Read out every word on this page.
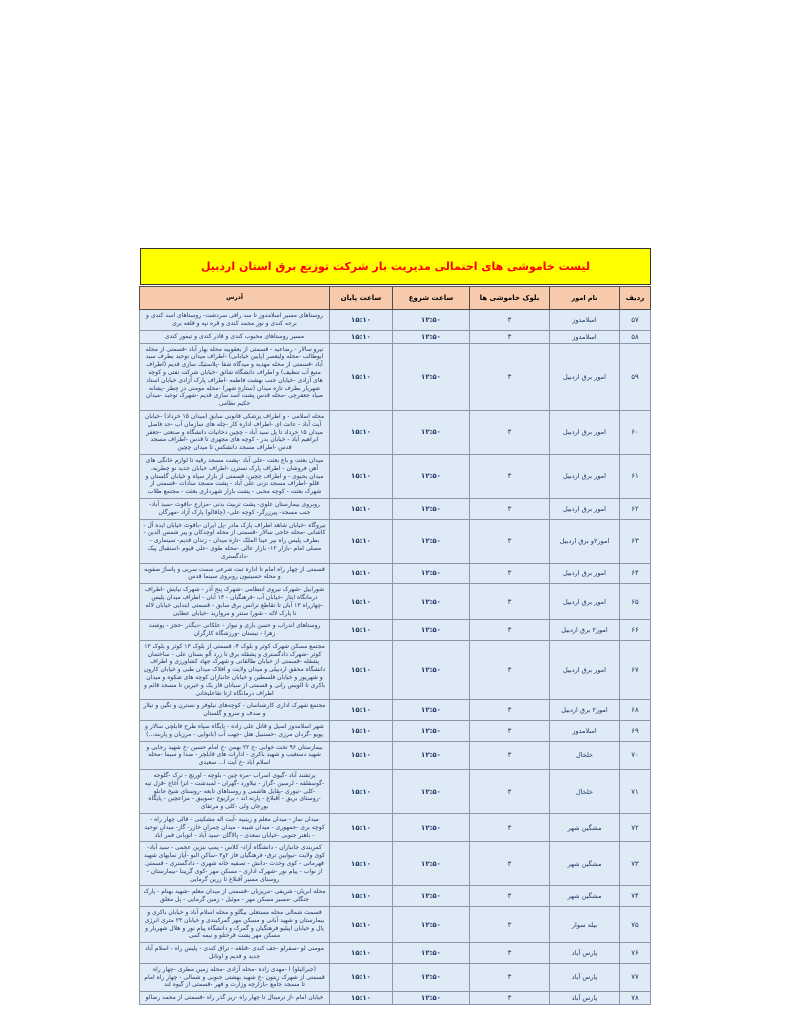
لیست خاموشی های احتمالی مدیریت بار شرکت توزیع برق استان اردبیل
ردیف	نام امور	بلوک خاموشی ها	ساعت شروع	ساعت پایان	آدرس
۵۷	اسلامدوز	۳	۱۲:۵۰	۱۵:۱۰	روستاهای مسیر اسلامدوز تا سد رافی سردشت- روستاهای اسد کندی و نرجه کندی و نور محمد کندی و قره تپه و قلعه بری
۵۸	اسلامدوز	۳	۱۲:۵۰	۱۵:۱۰	مسیر روستاهای محبوب کندی و قادر کندی و تیمور کندی
۵۹	امور برق اردبیل	۳	۱۲:۵۰	۱۵:۱۰	نیرو سالار - رضاعیه - قسمتی از یعقوبیه محله بهار آباد -قسمتی از محله ابوطالب -محله ولیعصر (پایین خیابانی) -اطراف میدان توحید بطرف سید آباد -قسمتی از محله مهدیه و میدگاه شفا -پلاستیک سازی قدیم (اطراف منبع آب تنظیف) و اطراف دانشگاه شائق -خیابان شرکت نفتی و کوچه های آزادی -خیابان جنب بهشت فاطمه -اطراف پارک آزادی خیابان استاد شهریار بطرف تازه میدان (ستاره شهر) -محله مومنی در چطر -پشانه صیاد جعفرچی -محله قدس پشت آسد سازی قدیم -شهرک توحید -میدان حکیم نظامی
۶۰	امور برق اردبیل	۳	۱۲:۵۰	۱۵:۱۰	محله اسلامی - و اطراف پزشکی قانونی سابق (میدان ۱۵ خرداد) -خیابان آیت آباد - عانت ای -اطراف اداره کار -چله های سازمان آب -حد فاصل میدان ۱۵ خرداد تا پل سید آباد - چچین دخانیات دانشگاه و صنعتی -جعفر ابراهیم آباد - خیابان بدر - کوچه های مجهزی تا قدس -اطراف مسجد قدس -اطراف مسجد دانشکس تا میدان چچین
۶۱	امور برق اردبیل	۳	۱۲:۵۰	۱۵:۱۰	میدان بعثت و باغ بعثت -علی آباد -پشت مسجد رقیه تا لوازم خانگی های آهن فروشان - اطراف پارک نسترن -اطراف خیابان جدید نو چطریه، میدان یحیوی - و اطراف چچین، قسمتی از بازار سپاه و خیابان گلستان و قللو -اطراف مسجد نزنی علی آباد - پشت مسجد سادات -قسمتی از شهرک بعثت - کوچه محبی - پشت بازار شهرداری بعثت - مجتمع طلاب
۶۲	امور برق اردبیل	۳	۱۲:۵۰	۱۵:۱۰	روبروی بیمارستان علوی- پشت تربیت بدنی -مزارع -باقوث -سید آباد- جنب مسجد- پیرزرگر- کوچه علی- (چاقالو) پارک آزاد -مهرگان
۶۳	امور۲و برق اردبیل	۳	۱۲:۵۰	۱۵:۱۰	نیروگاه -خیابان شاهد اطراف پارک مادر -پل ایران -باقوث خیابان ایده آل - کاشانی -محله حاجی سالار -قسمتی از محله اوچدکان و پیر شمس الدین - بطرف پلیس راه بپر عینا الملک -تازه میدان - زندان قدیم- سینماری - مصلی امام -بازار ۱۲- بازار عالی -محله طوی -علی قیوم -استقبال پیک -دادگستری
۶۴	امور برق اردبیل	۳	۱۲:۵۰	۱۵:۱۰	قسمتی از چهار راه امام تا اداره ثبت شرعی سمت سربی و پاساژ صفویه و محله حسینیون روبروی سینما قدس
۶۵	امور برق اردبیل	۳	۱۲:۵۰	۱۵:۱۰	شورابیل -شهرک نیروی انتظامی -شهرک پنج آذر - شهرک نیایش -اطراف درمانگاه ایثار -خیابان آب -فرهنگیان - ۱۳ آبان - اطراف میدان پلیس -چهارراه ۱۳ آبان تا تقاطع ترانس برق سابق - قسمتی ابتدایی خیابان لاله تا پارک لاله - شورا سنتر و مروارید -خیابان عطایی
۶۶	امور۲ برق اردبیل	۳	۱۲:۵۰	۱۵:۱۰	روستاهای اندراب و حسن باری و نیوار - علکانی -دیگذر -حجز - پوشت زهرا - نیستان -ورزشگاه کارگران
۶۷	امور برق اردبیل	۳	۱۲:۵۰	۱۵:۱۰	مجتمع مسکن شهرک کوثر و بلوک ۴- قسمتی از بلوک ۱۳ کوثر و بلوک ۱۳ کوثر -شهرک دادگستری و پشقله برق تا زرد آلو بستان علی - ساختمان پشقله -قسمتی از خیابان طالقانی و شهرک جهاد کشاورزی و اطراف دانشگاه محقق اردبیلی و میدان ولایت و افلاک میدان طبی و خیابان کارون و شهریور و خیابان فلسطین و خیابان جانبازان کوچه های شکوه و میدان باکری تا الویس رانی و قسمتی از سیانان قاز یک و خیرین تا مسجد قائم و اطراف درمانگاه ارتا تفاعلیخانی
۶۸	امور۲ برق اردبیل	۳	۱۲:۵۰	۱۵:۱۰	مجتمع شهرک اداری کارشناسان - کوچه‌های نیلوفر و نسترن و نگین و نیلار و صدف و سرو و گلستان
۶۹	اسلامدوز	۳	۱۲:۵۰	۱۵:۱۰	شهر اسلامدوز اصیل و قانل علی زاده - پایگاه سپاه طرح قابلچی سالار و پویو -گردان مرزی -حسنبیل هتل -جهب آب (نانوایی - مرزبان و پاربنه...)
۷۰	خلخال	۳	۱۲:۵۰	۱۵:۱۰	بیمارستان ۹۶ تخت خوابی -خ ۲۲ بهمن -خ امام حسین -خ شهید رجایی و شهید دستغیب و شهید باکری - ادارات های قابلچر - صدا و سیما -محله اسلام آباد -خ آیت ا... سعیدی
۷۱	خلخال	۳	۱۲:۵۰	۱۵:۱۰	پرتشند آباد -گیوی اسراب -مره چین - بلوچه - اورنچ - ترک -گلوجه -گوسفلقه - لرسین -گزاز - نیلاورد -گهران - لمبدشت - انزا آغاج -قزل تپه -کلی -تیوری -بقایل هاشمی و روستاهای تابعه -روستای شیخ جانلو -روستای بریق - آقبلاغ - پارنه اند - برازیوج -سوبیق - مزاعچین - پایگاه بورجان ولی -کلی و مرتفای
۷۲	مشگین شهر	۳	۱۲:۵۰	۱۵:۱۰	میدان نماز - میدان معلم و زینبیه -آیت اله مشکینی - قالی چهار راه - کوچه بری -جمهوری - میدان شیبه - میدان چمران خازر- گاز- میدان توحید - باهنر جنوبی -خیابان سعدی - پالاگان -سید آباد - اتوبانی قمر آباد
۷۳	مشگین شهر	۳	۱۲:۵۰	۱۵:۱۰	کمربندی جانبازان - دانشگاه آزاد- کلاس - پمپ بنزین عجمی - سید آباد- کوی ولایت -نیوایین ترق- فرهنگیان فاز ۲و۳ -ساکن البو -آپاز نمایهای شهید قهرمانی - کوی وحدت -دانش - تصفیه خانه شهری - دادگستری - قسمتی از نواب - پیام نور -شهرک اداری - مسکن مهر -کوی گریبنا -بیمارستان - روستای مسیر آقبلاغ تا زرین گرمایی
۷۴	مشگین شهر	۳	۱۲:۵۰	۱۵:۱۰	محله ابریان- شریفی -تبریزیان -قسمتی از میدان معلم -شهید بهنام - پارک جنگلی -مسیر مسکن مهر - موئیل - زمین گرمایی - پل معلق
۷۵	بیله سوار	۳	۱۲:۵۰	۱۵:۱۰	قسمت شمالی محله مستعلی بیگلو و محله اسلام آباد و خیابان باکری و بیمارستان و شهید آبانی و مسکن مهر گمرکبندی و خیابان ۲۴ متری انرژی پال و خیابان اپیلیو فرهنگیان و گمرک و دانشگاه پیام نور و هلال شهریار و مسکن مهر پشت قرختلو و نیمه کمی
۷۶	پارس آباد	۳	۱۲:۵۰	۱۵:۱۰	مومنی لو -صفرلو -جف کندی -قنلغه - تراق کندی - پلیس راه - اسلام آباد جدید و قدیم و اوتانل
۷۷	پارس آباد	۳	۱۲:۵۰	۱۵:۱۰	(جبرائیلو) ا -مهدی زاده -محله آزادی -محله زمین مطری -چهار راه قسمتی از شهرک زیتون -خ شهید بهشتی جنوبی و شمالی - چهار راه امام تا مسجد جامع -بازارچه وزارت و قهر -قسمتی از گیوه لند
۷۸	پارس آباد	۳	۱۲:۵۰	۱۵:۱۰	خیابان امام -از ترمینال تا چهار راه -زیر گذر راه -قسمتی از محمد رضالو
